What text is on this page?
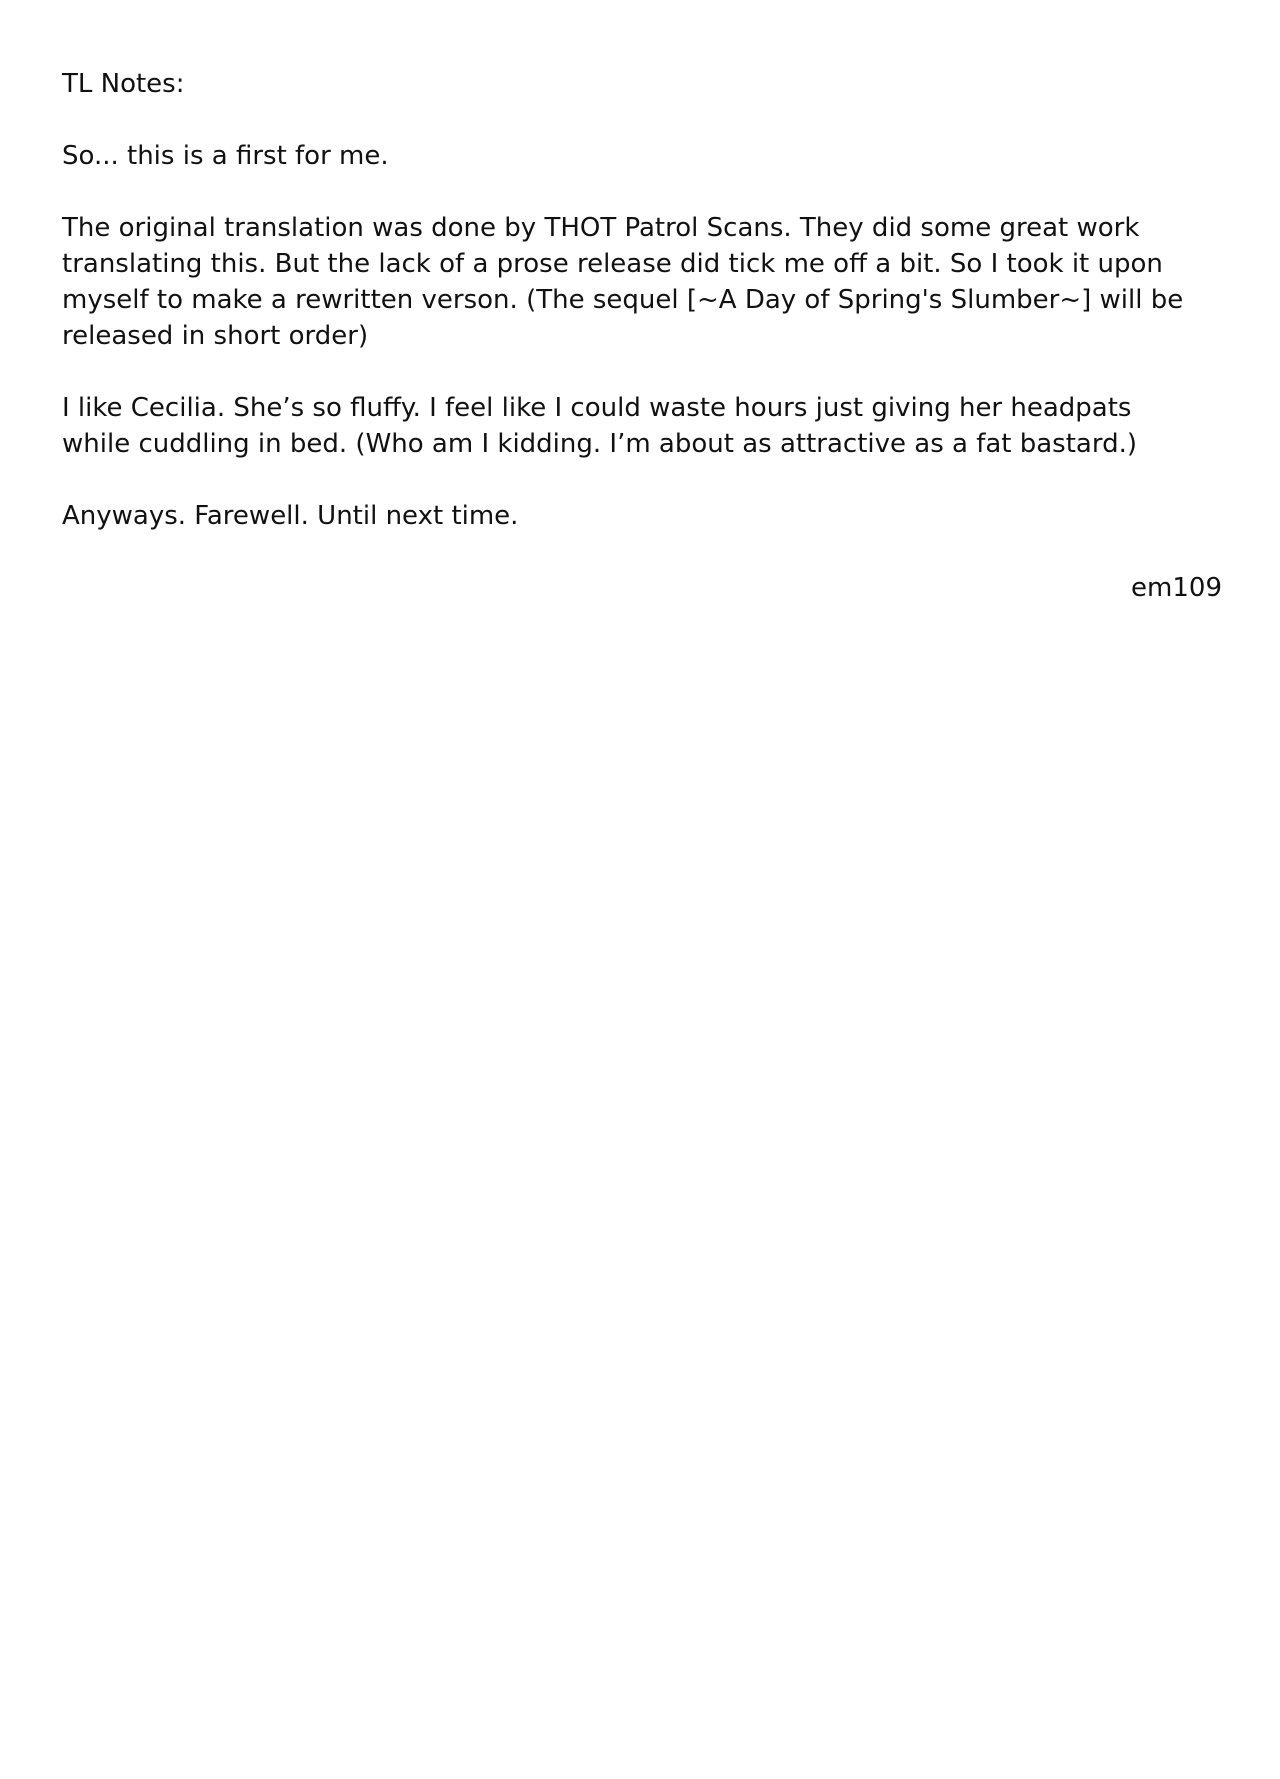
TL Notes:

So... this is a first for me.

The original translation was done by THOT Patrol Scans. They did some great work
translating this. But the lack of a prose release did tick me off a bit. So I took it upon
myself to make a rewritten verson. (The sequel [~A Day of Spring's Slumber~] will be
released in short order)

I like Cecilia. She’s so fluffy. I feel like I could waste hours just giving her headpats
while cuddling in bed. (Who am I kidding. I’m about as attractive as a fat bastard.)

Anyways. Farewell. Until next time.

em109
